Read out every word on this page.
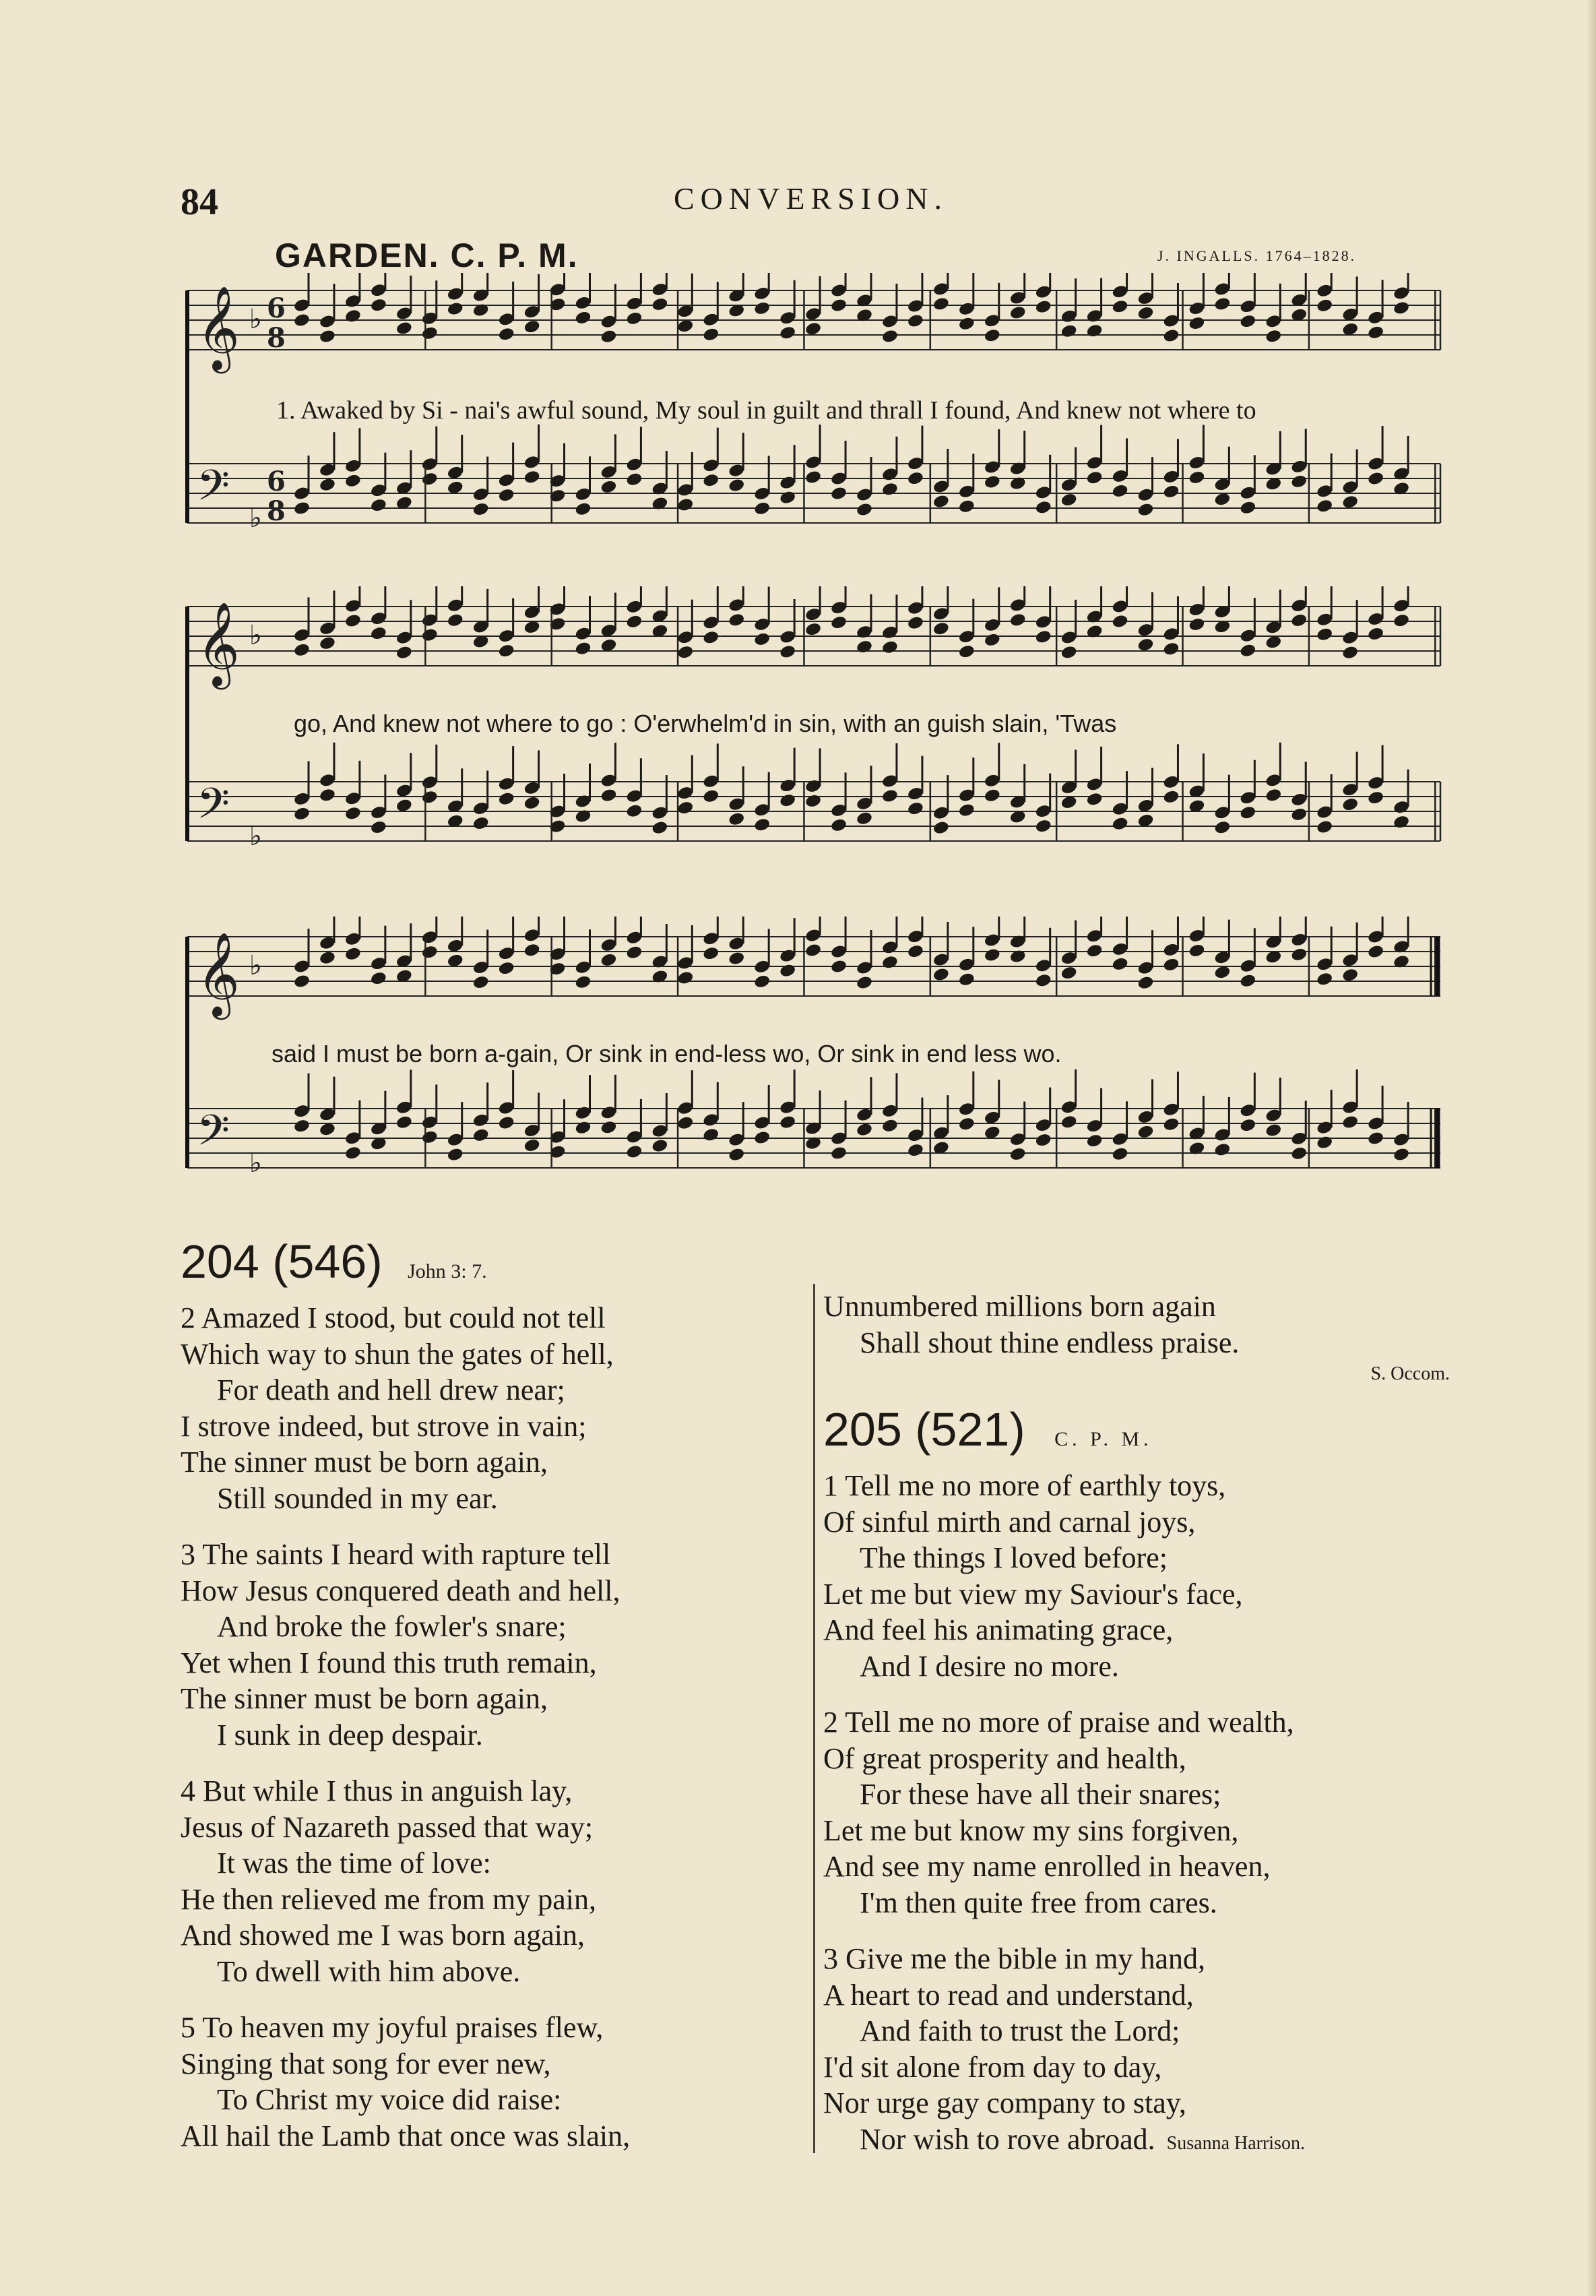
84	CONVERSION.
GARDEN. C. P. M.	J. INGALLS. 1764–1828.
𝄞 ♭ 6
8
𝄢 ♭
6
8
1. Awaked by Si - nai's awful sound, My soul in guilt and thrall I found, And knew not where to
𝄞 ♭
𝄢 ♭
go, And knew not where to go : O'erwhelm'd in sin, with an guish slain, 'Twas
𝄞 ♭
𝄢 ♭
said I must be born a-gain, Or sink in end-less wo, Or sink in end less wo.
204 (546) John 3: 7.
2 Amazed I stood, but could not tell
Which way to shun the gates of hell,
For death and hell drew near;
I strove indeed, but strove in vain;
The sinner must be born again,
Still sounded in my ear.
3 The saints I heard with rapture tell
How Jesus conquered death and hell,
And broke the fowler's snare;
Yet when I found this truth remain,
The sinner must be born again,
I sunk in deep despair.
4 But while I thus in anguish lay,
Jesus of Nazareth passed that way;
It was the time of love:
He then relieved me from my pain,
And showed me I was born again,
To dwell with him above.
5 To heaven my joyful praises flew,
Singing that song for ever new,
To Christ my voice did raise:
All hail the Lamb that once was slain,
Unnumbered millions born again
Shall shout thine endless praise.
S. Occom.
205 (521) C. P. M.
1 Tell me no more of earthly toys,
Of sinful mirth and carnal joys,
The things I loved before;
Let me but view my Saviour's face,
And feel his animating grace,
And I desire no more.
2 Tell me no more of praise and wealth,
Of great prosperity and health,
For these have all their snares;
Let me but know my sins forgiven,
And see my name enrolled in heaven,
I'm then quite free from cares.
3 Give me the bible in my hand,
A heart to read and understand,
And faith to trust the Lord;
I'd sit alone from day to day,
Nor urge gay company to stay,
Nor wish to rove abroad. Susanna Harrison.
